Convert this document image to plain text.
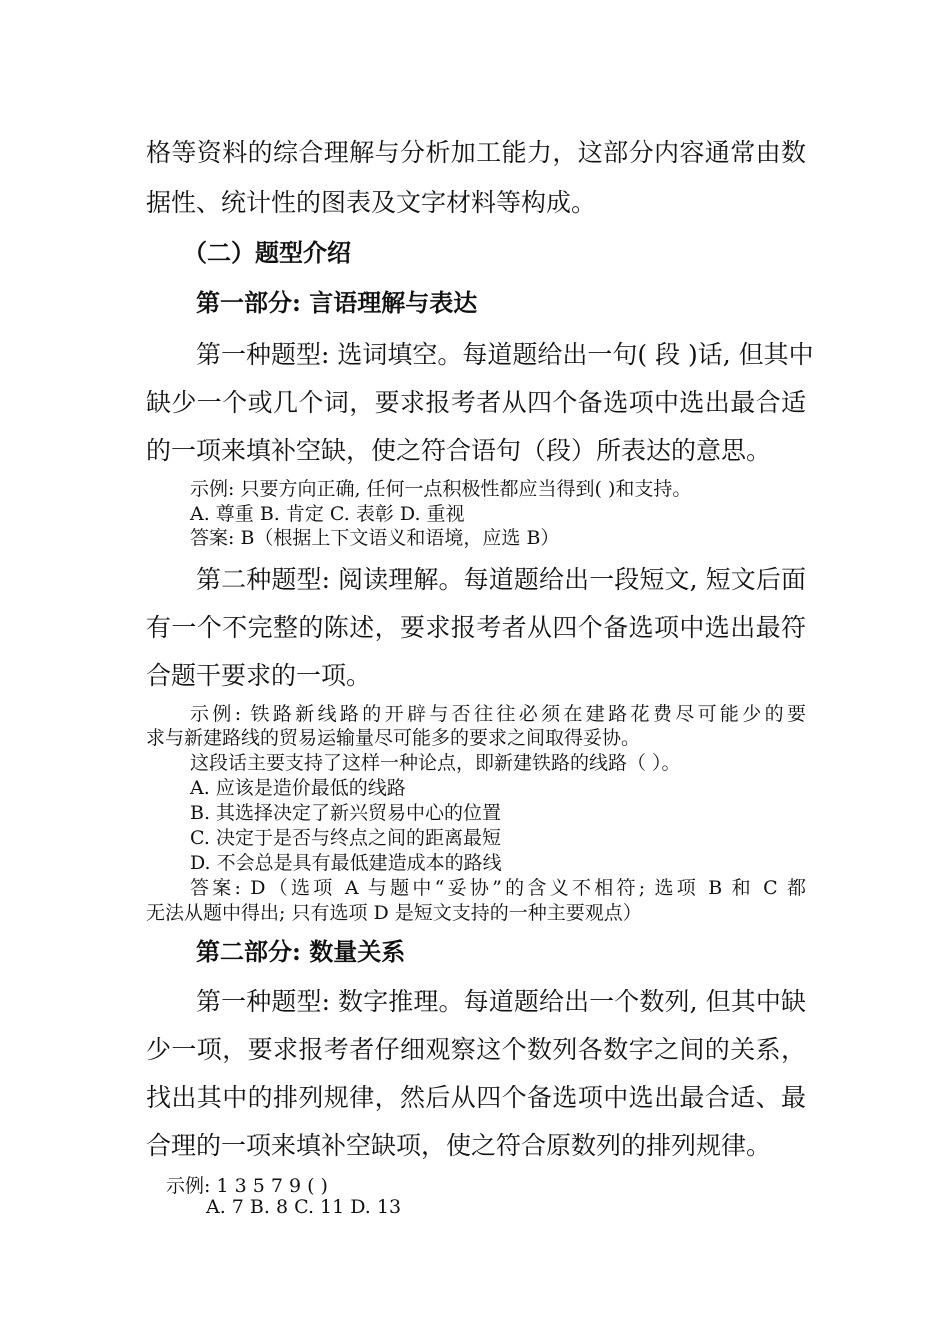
格等资料的综合理解与分析加工能力，这部分内容通常由数
据性、统计性的图表及文字材料等构成。
（二）题型介绍
第一部分: 言语理解与表达
第一种题型: 选词填空。每道题给出一句( 段 )话, 但其中
缺少一个或几个词，要求报考者从四个备选项中选出最合适
的一项来填补空缺，使之符合语句（段）所表达的意思。
示例: 只要方向正确, 任何一点积极性都应当得到( )和支持。
A. 尊重 B. 肯定 C. 表彰 D. 重视
答案: B（根据上下文语义和语境，应选 B）
第二种题型: 阅读理解。每道题给出一段短文, 短文后面
有一个不完整的陈述，要求报考者从四个备选项中选出最符
合题干要求的一项。
示例: 铁路新线路的开辟与否往往必须在建路花费尽可能少的要
求与新建路线的贸易运输量尽可能多的要求之间取得妥协。
这段话主要支持了这样一种论点，即新建铁路的线路（ ）。
A. 应该是造价最低的线路
B. 其选择决定了新兴贸易中心的位置
C. 决定于是否与终点之间的距离最短
D. 不会总是具有最低建造成本的路线
答案: D（选项 A 与题中“妥协”的含义不相符; 选项 B 和 C 都
无法从题中得出; 只有选项 D 是短文支持的一种主要观点）
第二部分: 数量关系
第一种题型: 数字推理。每道题给出一个数列, 但其中缺
少一项，要求报考者仔细观察这个数列各数字之间的关系，
找出其中的排列规律，然后从四个备选项中选出最合适、最
合理的一项来填补空缺项，使之符合原数列的排列规律。
示例: 1 3 5 7 9 ( )
A. 7 B. 8 C. 11 D. 13
